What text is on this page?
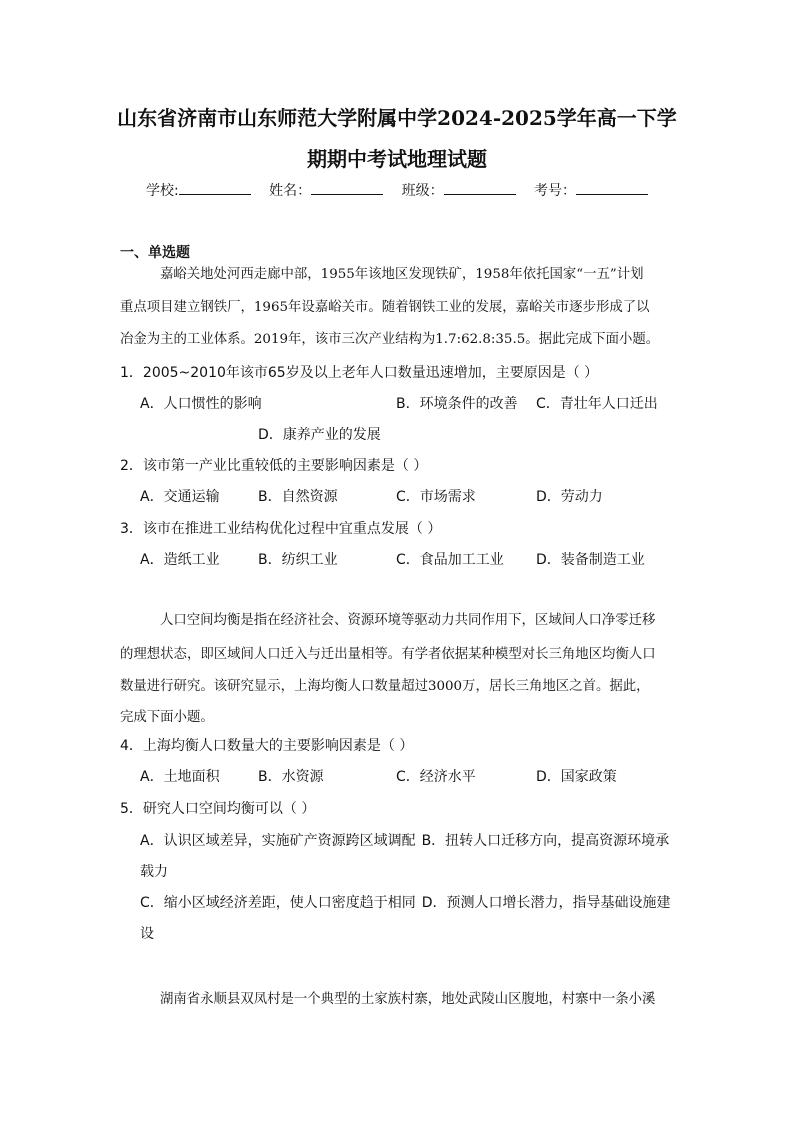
山东省济南市山东师范大学附属中学2024-2025学年高一下学
期期中考试地理试题
学校:	姓名：	班级：	考号：
一、单选题
嘉峪关地处河西走廊中部，1955年该地区发现铁矿，1958年依托国家“一五”计划
重点项目建立钢铁厂，1965年设嘉峪关市。随着钢铁工业的发展，嘉峪关市逐步形成了以
冶金为主的工业体系。2019年，该市三次产业结构为1.7:62.8:35.5。据此完成下面小题。
1．2005~2010年该市65岁及以上老年人口数量迅速增加，主要原因是（ ）
A．人口惯性的影响	B．环境条件的改善 C．青壮年人口迁出
D．康养产业的发展
2．该市第一产业比重较低的主要影响因素是（ ）
A．交通运输	B．自然资源	C．市场需求	D．劳动力
3．该市在推进工业结构优化过程中宜重点发展（ ）
A．造纸工业	B．纺织工业	C．食品加工工业 D．装备制造工业
人口空间均衡是指在经济社会、资源环境等驱动力共同作用下，区域间人口净零迁移
的理想状态，即区域间人口迁入与迁出量相等。有学者依据某种模型对长三角地区均衡人口
数量进行研究。该研究显示，上海均衡人口数量超过3000万，居长三角地区之首。据此，
完成下面小题。
4．上海均衡人口数量大的主要影响因素是（ ）
A．土地面积	B．水资源	C．经济水平	D．国家政策
5．研究人口空间均衡可以（ ）
A．认识区域差异，实施矿产资源跨区域调配 B．扭转人口迁移方向，提高资源环境承载力
C．缩小区域经济差距，使人口密度趋于相同 D．预测人口增长潜力，指导基础设施建设
湖南省永顺县双凤村是一个典型的土家族村寨，地处武陵山区腹地，村寨中一条小溪
